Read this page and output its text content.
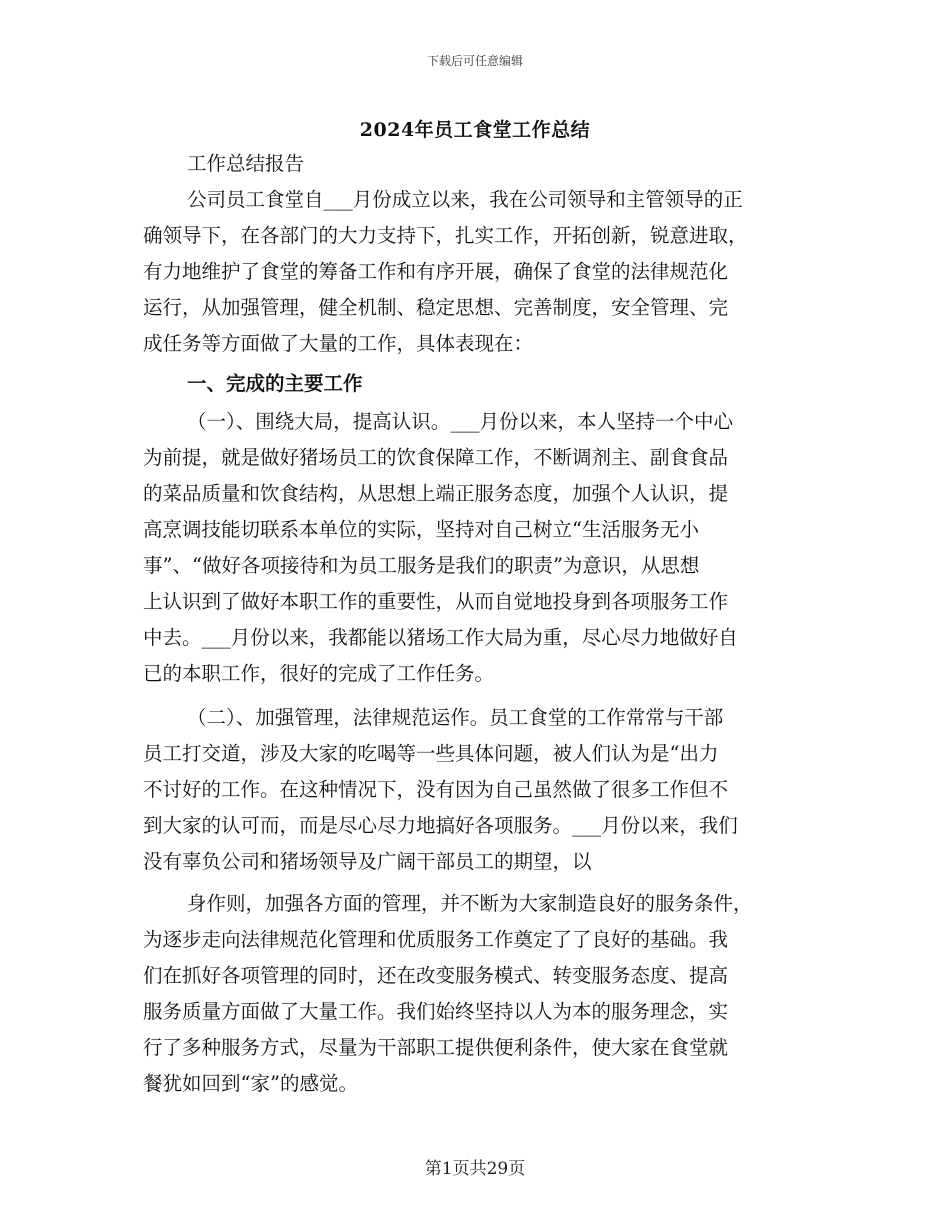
下载后可任意编辑
2024年员工食堂工作总结
工作总结报告
公司员工食堂自___月份成立以来，我在公司领导和主管领导的正
确领导下，在各部门的大力支持下，扎实工作，开拓创新，锐意进取，
有力地维护了食堂的筹备工作和有序开展，确保了食堂的法律规范化
运行，从加强管理，健全机制、稳定思想、完善制度，安全管理、完
成任务等方面做了大量的工作，具体表现在：
一、完成的主要工作
（一）、围绕大局，提高认识。___月份以来，本人坚持一个中心
为前提，就是做好猪场员工的饮食保障工作，不断调剂主、副食食品
的菜品质量和饮食结构，从思想上端正服务态度，加强个人认识，提
高烹调技能切联系本单位的实际，坚持对自己树立“生活服务无小
事”、“做好各项接待和为员工服务是我们的职责”为意识，从思想
上认识到了做好本职工作的重要性，从而自觉地投身到各项服务工作
中去。___月份以来，我都能以猪场工作大局为重，尽心尽力地做好自
已的本职工作，很好的完成了工作任务。
（二）、加强管理，法律规范运作。员工食堂的工作常常与干部
员工打交道，涉及大家的吃喝等一些具体问题，被人们认为是“出力
不讨好的工作。在这种情况下，没有因为自己虽然做了很多工作但不
到大家的认可而，而是尽心尽力地搞好各项服务。___月份以来，我们
没有辜负公司和猪场领导及广阔干部员工的期望，以
身作则，加强各方面的管理，并不断为大家制造良好的服务条件，
为逐步走向法律规范化管理和优质服务工作奠定了了良好的基础。我
们在抓好各项管理的同时，还在改变服务模式、转变服务态度、提高
服务质量方面做了大量工作。我们始终坚持以人为本的服务理念，实
行了多种服务方式，尽量为干部职工提供便利条件，使大家在食堂就
餐犹如回到“家”的感觉。
第1页共29页
